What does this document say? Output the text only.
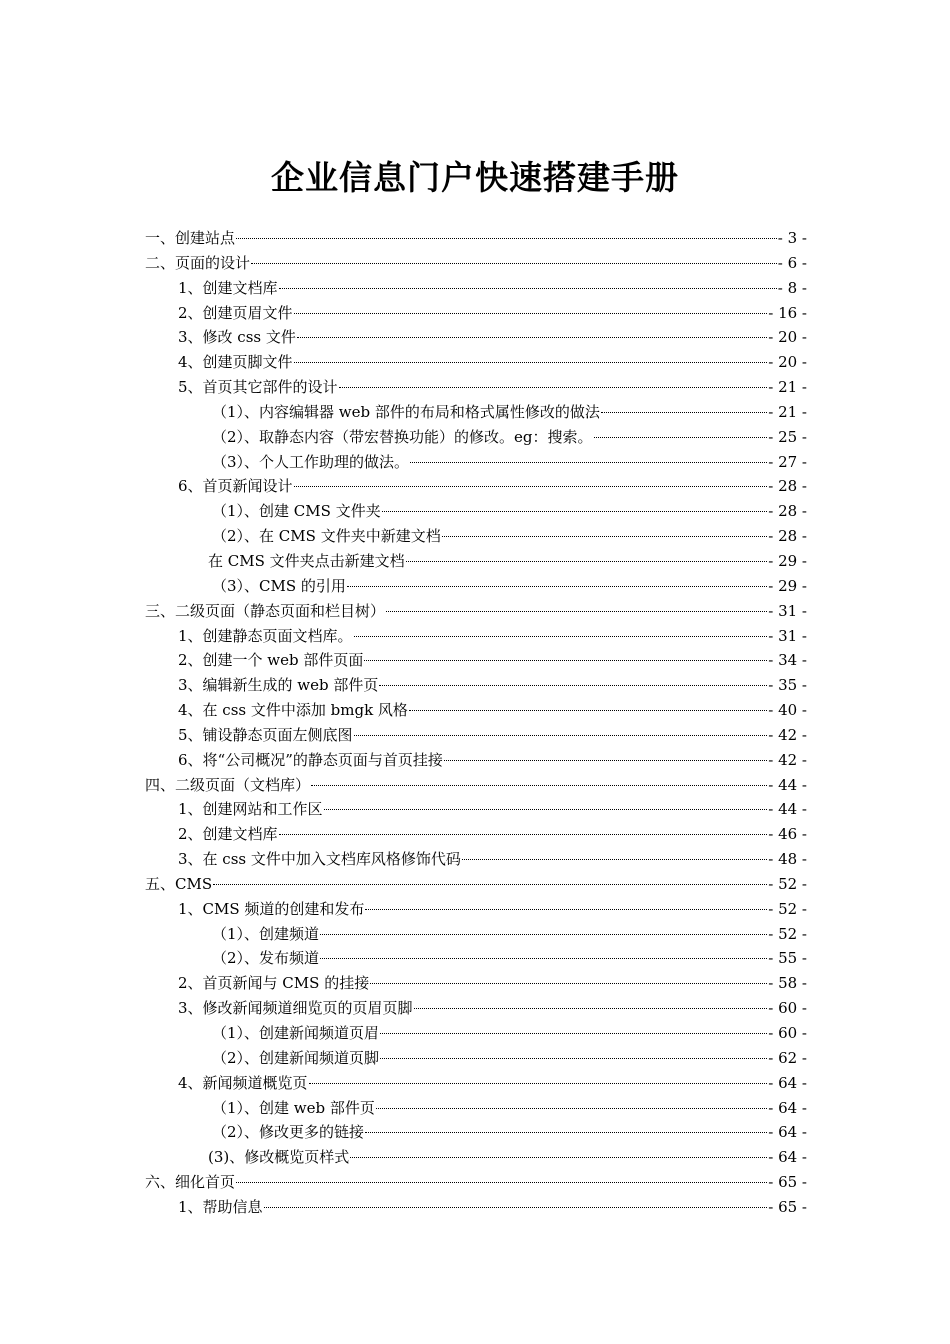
企业信息门户快速搭建手册
一、创建站点	- 3 -
二、页面的设计	- 6 -
1、创建文档库	- 8 -
2、创建页眉文件	- 16 -
3、修改 css 文件	- 20 -
4、创建页脚文件	- 20 -
5、首页其它部件的设计	- 21 -
（1）、内容编辑器 web 部件的布局和格式属性修改的做法	- 21 -
（2）、取静态内容（带宏替换功能）的修改。eg：搜索。	- 25 -
（3）、个人工作助理的做法。	- 27 -
6、首页新闻设计	- 28 -
（1）、创建 CMS 文件夹	- 28 -
（2）、在 CMS 文件夹中新建文档	- 28 -
在 CMS 文件夹点击新建文档	- 29 -
（3）、CMS 的引用	- 29 -
三、二级页面（静态页面和栏目树）	- 31 -
1、创建静态页面文档库。	- 31 -
2、创建一个 web 部件页面	- 34 -
3、编辑新生成的 web 部件页	- 35 -
4、在 css 文件中添加 bmgk 风格	- 40 -
5、铺设静态页面左侧底图	- 42 -
6、将“公司概况”的静态页面与首页挂接	- 42 -
四、二级页面（文档库）	- 44 -
1、创建网站和工作区	- 44 -
2、创建文档库	- 46 -
3、在 css 文件中加入文档库风格修饰代码	- 48 -
五、CMS	- 52 -
1、CMS 频道的创建和发布	- 52 -
（1）、创建频道	- 52 -
（2）、发布频道	- 55 -
2、首页新闻与 CMS 的挂接	- 58 -
3、修改新闻频道细览页的页眉页脚	- 60 -
（1）、创建新闻频道页眉	- 60 -
（2）、创建新闻频道页脚	- 62 -
4、新闻频道概览页	- 64 -
（1）、创建 web 部件页	- 64 -
（2）、修改更多的链接	- 64 -
(3)、修改概览页样式	- 64 -
六、细化首页	- 65 -
1、帮助信息	- 65 -
